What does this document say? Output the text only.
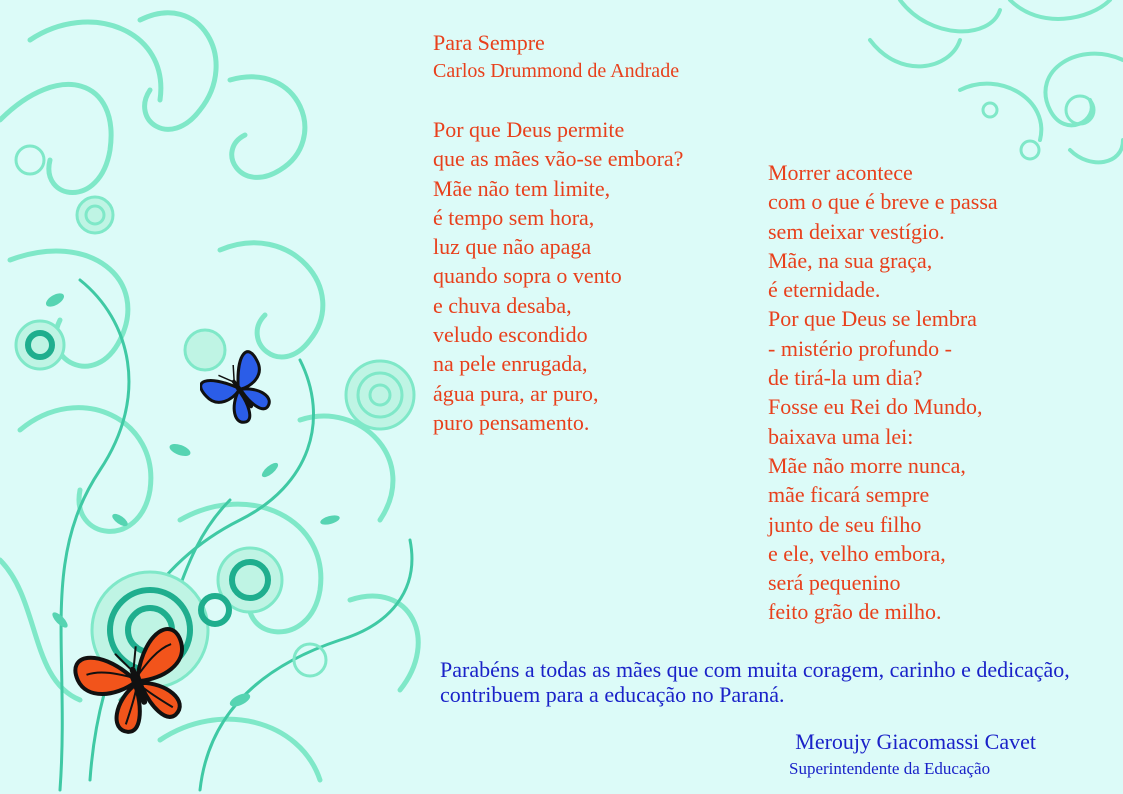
Para Sempre

Carlos Drummond de Andrade

Por que Deus permite
que as mães vão-se embora?
Mãe não tem limite,
é tempo sem hora,
luz que não apaga
quando sopra o vento
e chuva desaba,
veludo escondido
na pele enrugada,
água pura, ar puro,
puro pensamento.
Morrer acontece
com o que é breve e passa
sem deixar vestígio.
Mãe, na sua graça,
é eternidade.
Por que Deus se lembra
- mistério profundo -
de tirá-la um dia?
Fosse eu Rei do Mundo,
baixava uma lei:
Mãe não morre nunca,
mãe ficará sempre
junto de seu filho
e ele, velho embora,
será pequenino
feito grão de milho.

Parabéns a todas as mães que com muita coragem, carinho e dedicação, contribuem para a educação no Paraná.

Meroujy Giacomassi Cavet

Superintendente da Educação
